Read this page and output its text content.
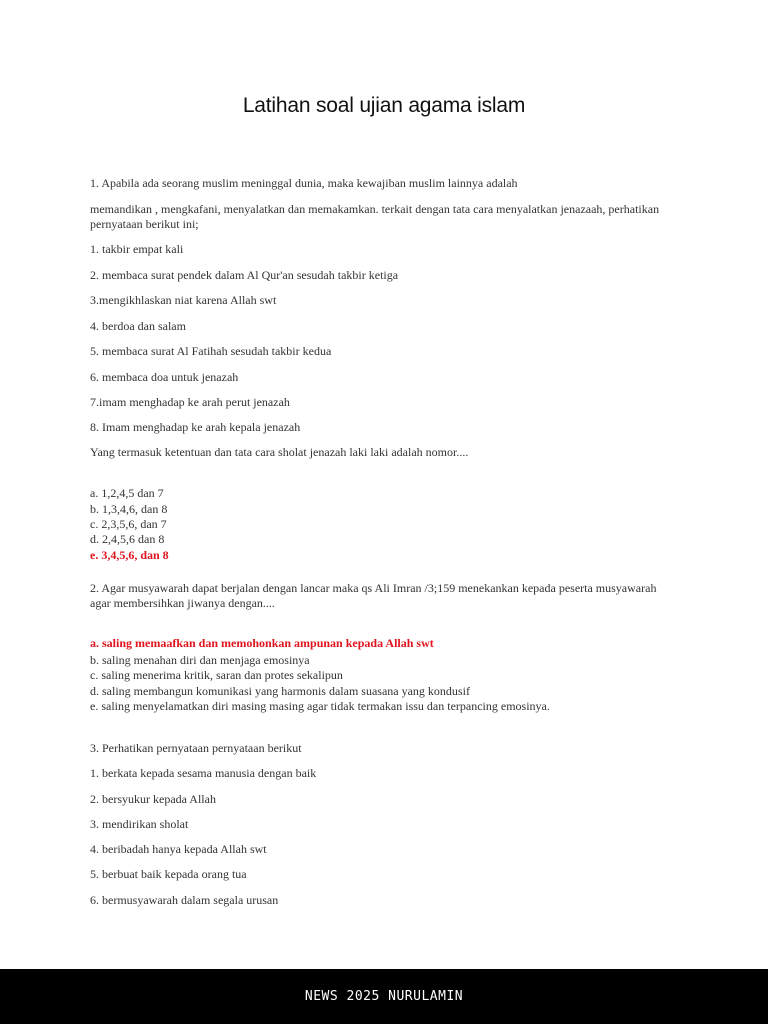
Latihan soal ujian agama islam
1. Apabila ada seorang muslim meninggal dunia, maka kewajiban muslim lainnya adalah
memandikan , mengkafani, menyalatkan dan memakamkan. terkait dengan tata cara menyalatkan jenazaah, perhatikan pernyataan berikut ini;
1. takbir empat kali
2. membaca surat pendek dalam Al Qur'an sesudah takbir ketiga
3.mengikhlaskan niat karena Allah swt
4. berdoa dan salam
5. membaca surat Al Fatihah sesudah takbir kedua
6. membaca doa untuk jenazah
7.imam menghadap ke arah perut jenazah
8. Imam menghadap ke arah kepala jenazah
Yang termasuk ketentuan dan tata cara sholat jenazah laki laki adalah nomor....
a. 1,2,4,5 dan 7
b. 1,3,4,6, dan 8
c. 2,3,5,6, dan 7
d. 2,4,5,6 dan 8
e. 3,4,5,6, dan 8
2. Agar musyawarah dapat berjalan dengan lancar maka qs Ali Imran /3;159 menekankan kepada peserta musyawarah agar membersihkan jiwanya dengan....
a. saling memaafkan dan memohonkan ampunan kepada Allah swt
b. saling menahan diri dan menjaga emosinya
c. saling menerima kritik, saran dan protes sekalipun
d. saling membangun komunikasi yang harmonis dalam suasana yang kondusif
e. saling menyelamatkan diri masing masing agar tidak termakan issu dan terpancing emosinya.
3. Perhatikan pernyataan pernyataan berikut
1. berkata kepada sesama manusia dengan baik
2. bersyukur kepada Allah
3. mendirikan sholat
4. beribadah hanya kepada Allah swt
5. berbuat baik kepada orang tua
6. bermusyawarah dalam segala urusan
NEWS 2025 NURULAMIN
